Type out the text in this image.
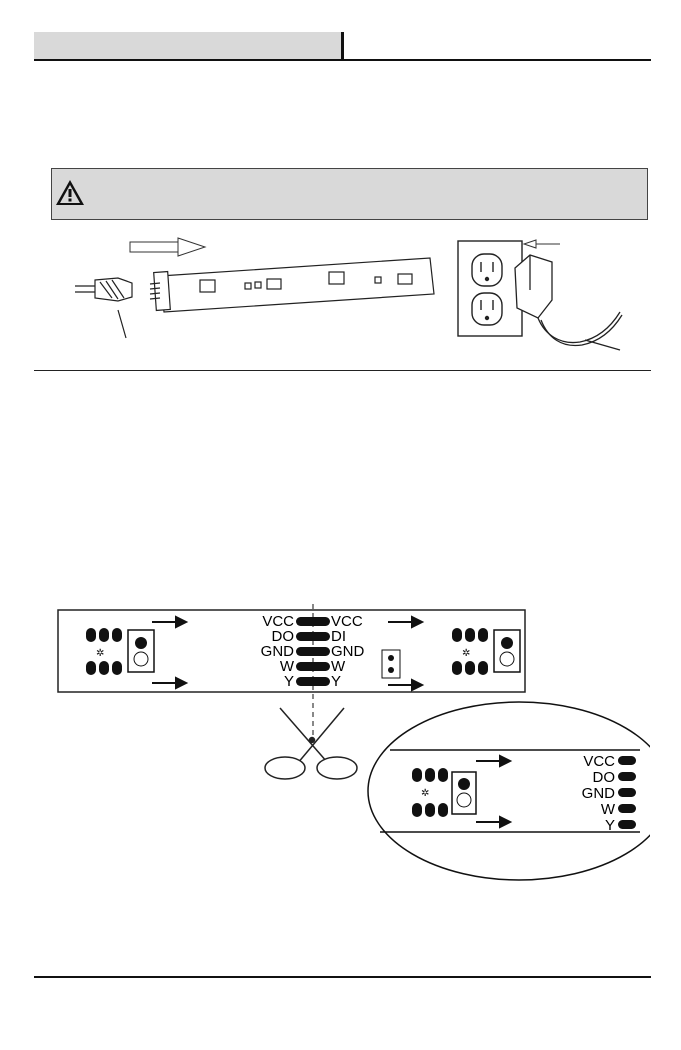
✲	✲
VCC
DO
GND
W
Y
VCC
DI
GND
W
Y
✲
VCC
DO
GND
W
Y
